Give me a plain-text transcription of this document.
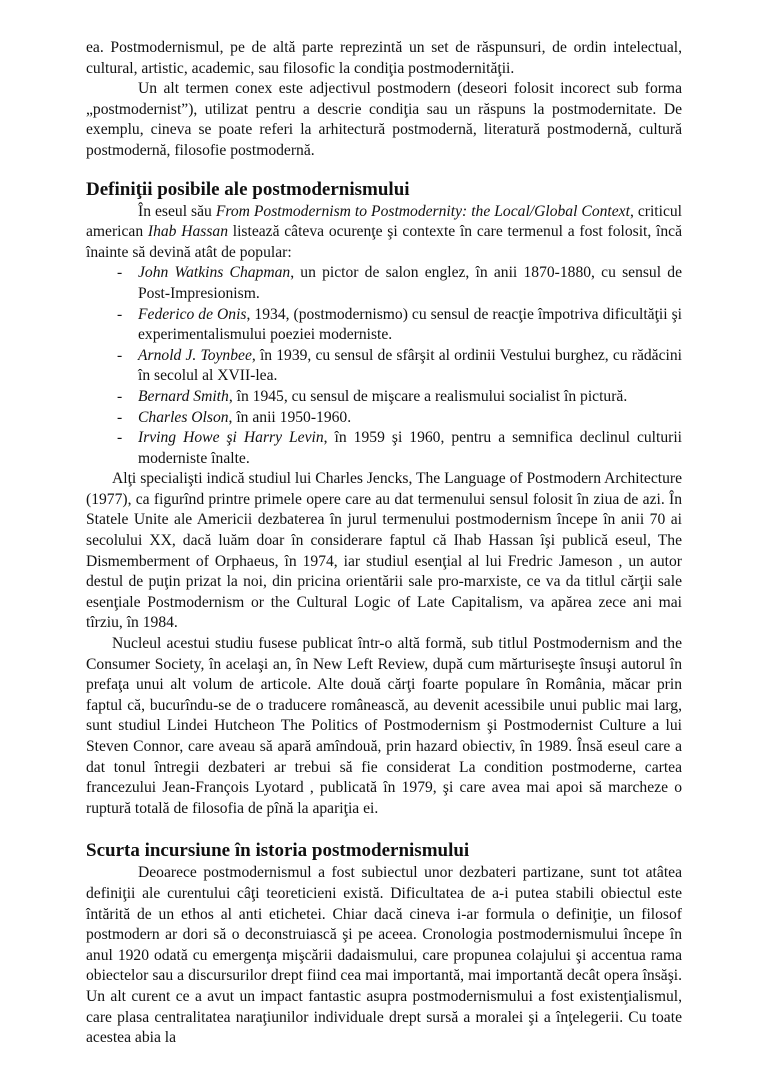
ea. Postmodernismul, pe de altă parte reprezintă un set de răspunsuri, de ordin intelectual, cultural, artistic, academic, sau filosofic la condiţia postmodernităţii.

Un alt termen conex este adjectivul postmodern (deseori folosit incorect sub forma „postmodernist”), utilizat pentru a descrie condiţia sau un răspuns la postmodernitate. De exemplu, cineva se poate referi la arhitectură postmodernă, literatură postmodernă, cultură postmodernă, filosofie postmodernă.

Definiţii posibile ale postmodernismului

În eseul său From Postmodernism to Postmodernity: the Local/Global Context, criticul american Ihab Hassan listează câteva ocurenţe şi contexte în care termenul a fost folosit, încă înainte să devină atât de popular:

- John Watkins Chapman, un pictor de salon englez, în anii 1870-1880, cu sensul de Post-Impresionism.
- Federico de Onis, 1934, (postmodernismo) cu sensul de reacţie împotriva dificultăţii şi experimentalismului poeziei moderniste.
- Arnold J. Toynbee, în 1939, cu sensul de sfârşit al ordinii Vestului burghez, cu rădăcini în secolul al XVII-lea.
- Bernard Smith, în 1945, cu sensul de mişcare a realismului socialist în pictură.
- Charles Olson, în anii 1950-1960.
- Irving Howe şi Harry Levin, în 1959 şi 1960, pentru a semnifica declinul culturii moderniste înalte.

Alţi specialişti indică studiul lui Charles Jencks, The Language of Postmodern Architecture (1977), ca figurînd printre primele opere care au dat termenului sensul folosit în ziua de azi. În Statele Unite ale Americii dezbaterea în jurul termenului postmodernism începe în anii 70 ai secolului XX, dacă luăm doar în considerare faptul că Ihab Hassan îşi publică eseul, The Dismemberment of Orphaeus, în 1974, iar studiul esenţial al lui Fredric Jameson , un autor destul de puţin prizat la noi, din pricina orientării sale pro-marxiste, ce va da titlul cărţii sale esenţiale Postmodernism or the Cultural Logic of Late Capitalism, va apărea zece ani mai tîrziu, în 1984.

Nucleul acestui studiu fusese publicat într-o altă formă, sub titlul Postmodernism and the Consumer Society, în acelaşi an, în New Left Review, după cum mărturiseşte însuşi autorul în prefaţa unui alt volum de articole. Alte două cărţi foarte populare în România, măcar prin faptul că, bucurîndu-se de o traducere românească, au devenit acessibile unui public mai larg, sunt studiul Lindei Hutcheon The Politics of Postmodernism şi Postmodernist Culture a lui Steven Connor, care aveau să apară amîndouă, prin hazard obiectiv, în 1989. Însă eseul care a dat tonul întregii dezbateri ar trebui să fie considerat La condition postmoderne, cartea francezului Jean-François Lyotard , publicată în 1979, şi care avea mai apoi să marcheze o ruptură totală de filosofia de pînă la apariţia ei.

Scurta incursiune în istoria postmodernismului

Deoarece postmodernismul a fost subiectul unor dezbateri partizane, sunt tot atâtea definiţii ale curentului câţi teoreticieni există. Dificultatea de a-i putea stabili obiectul este întărită de un ethos al anti etichetei. Chiar dacă cineva i-ar formula o definiţie, un filosof postmodern ar dori să o deconstruiască şi pe aceea. Cronologia postmodernismului începe în anul 1920 odată cu emergenţa mişcării dadaismului, care propunea colajului şi accentua rama obiectelor sau a discursurilor drept fiind cea mai importantă, mai importantă decât opera însăşi. Un alt curent ce a avut un impact fantastic asupra postmodernismului a fost existenţialismul, care plasa centralitatea naraţiunilor individuale drept sursă a moralei şi a înţelegerii. Cu toate acestea abia la
